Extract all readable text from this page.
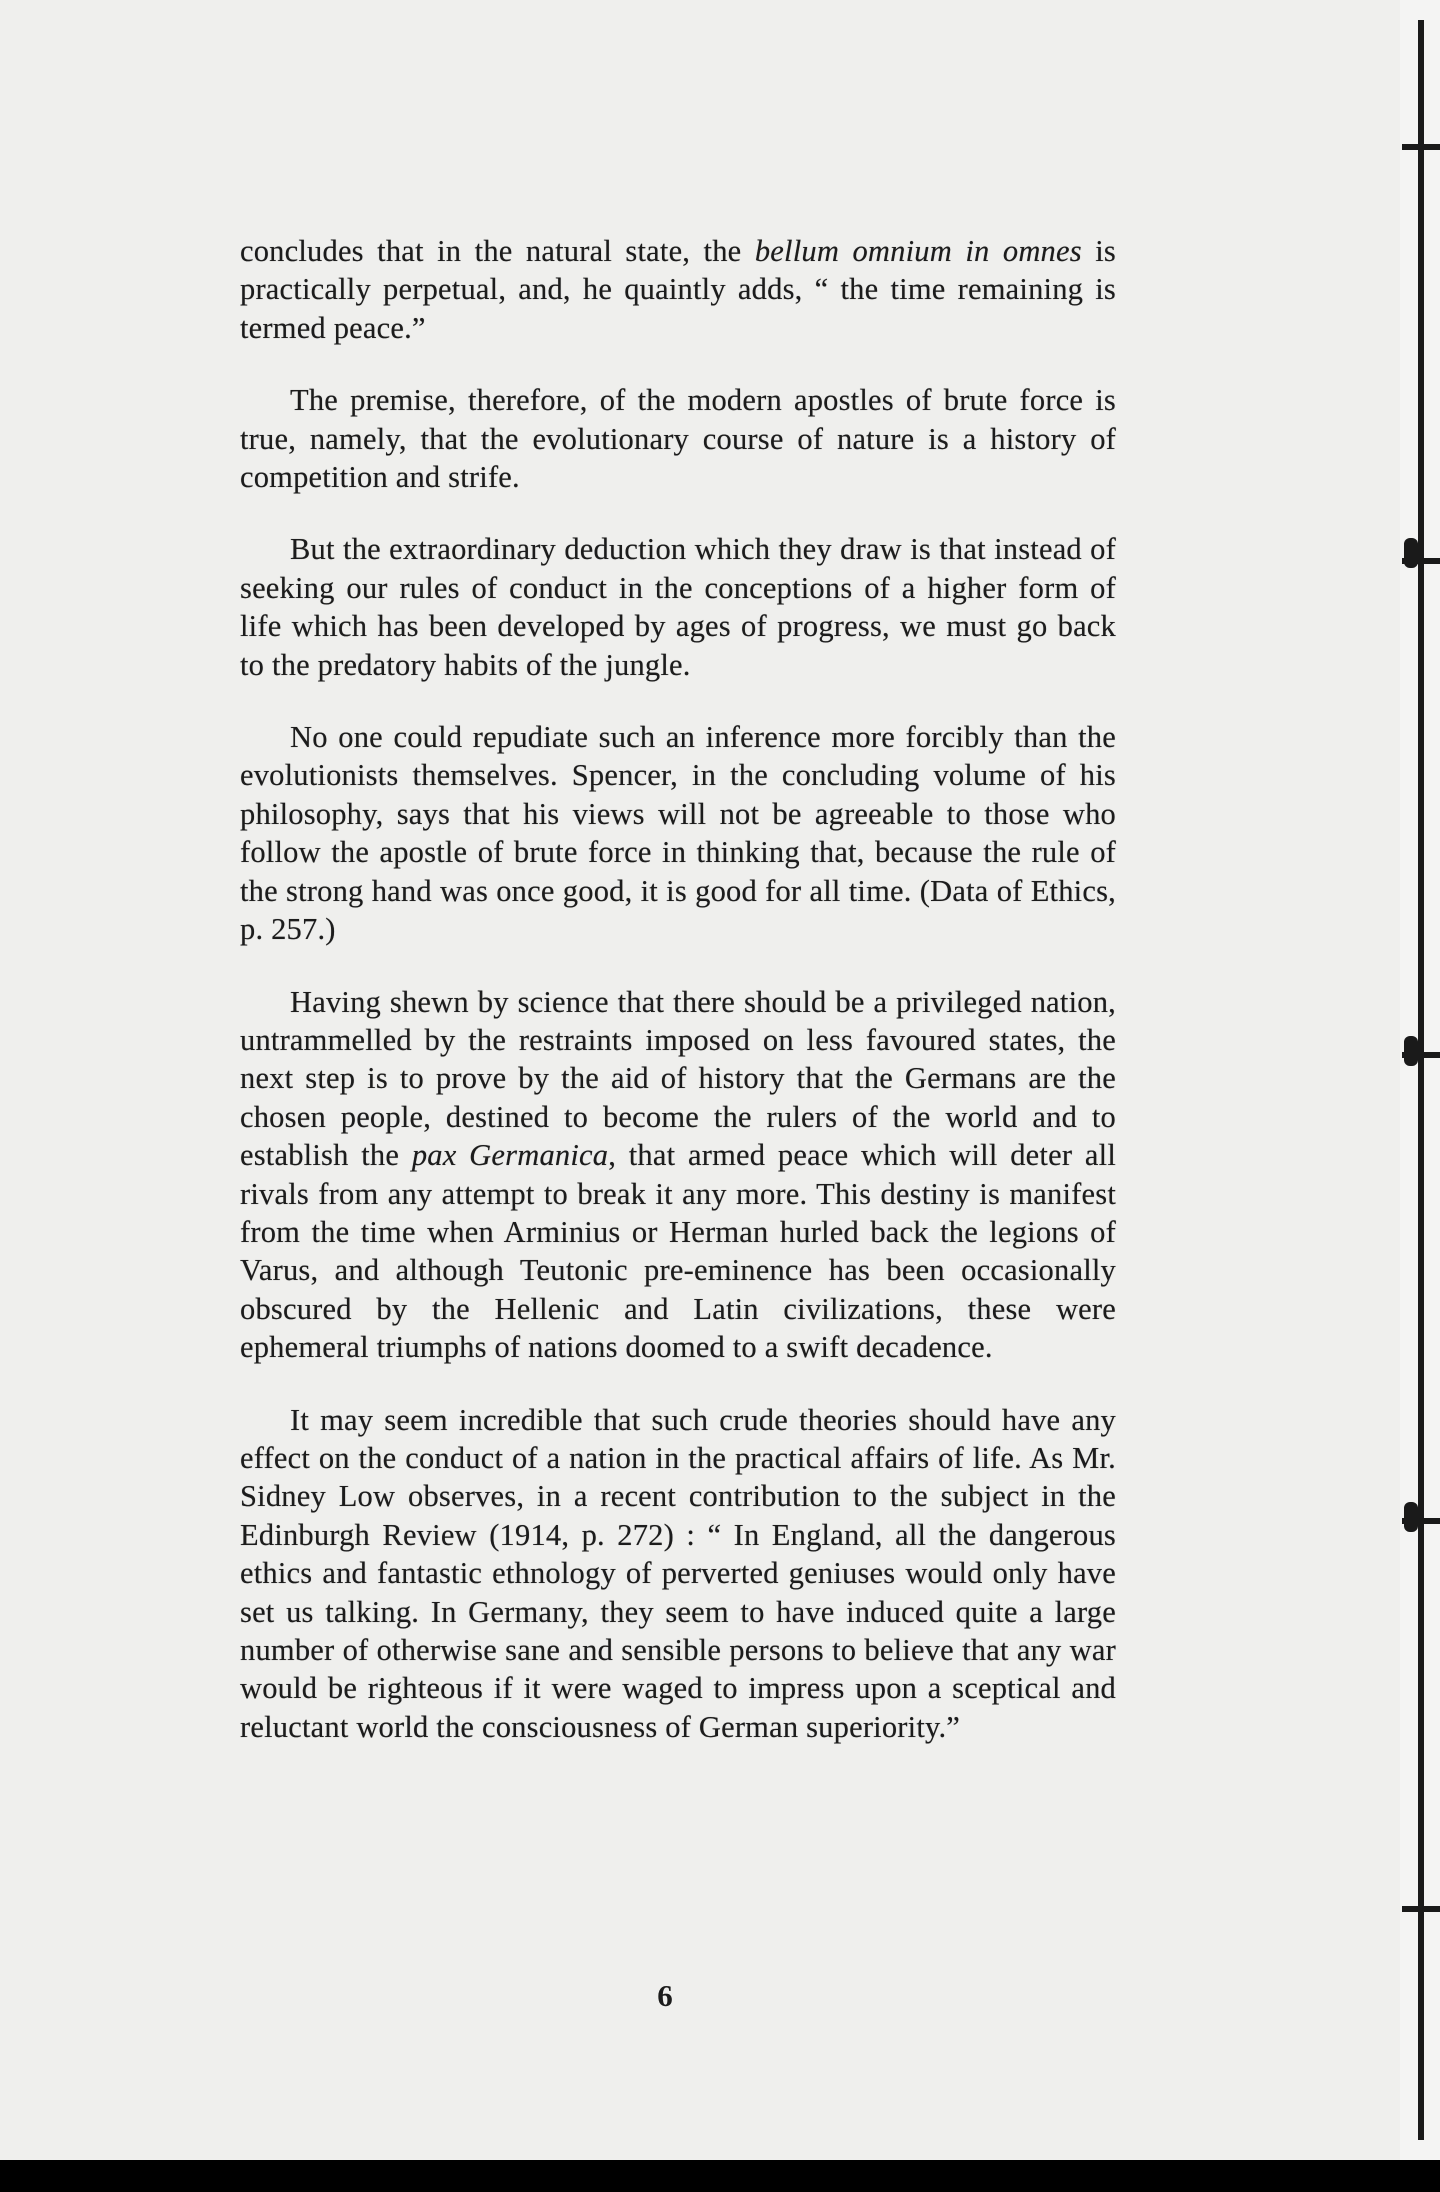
concludes that in the natural state, the bellum omnium in omnes is practically perpetual, and, he quaintly adds, “ the time remaining is termed peace.”

The premise, therefore, of the modern apostles of brute force is true, namely, that the evolutionary course of nature is a history of competition and strife.

But the extraordinary deduction which they draw is that instead of seeking our rules of conduct in the conceptions of a higher form of life which has been developed by ages of progress, we must go back to the predatory habits of the jungle.

No one could repudiate such an inference more forcibly than the evolutionists themselves. Spencer, in the concluding volume of his philosophy, says that his views will not be agreeable to those who follow the apostle of brute force in thinking that, because the rule of the strong hand was once good, it is good for all time. (Data of Ethics, p. 257.)

Having shewn by science that there should be a privileged nation, untrammelled by the restraints imposed on less favoured states, the next step is to prove by the aid of history that the Germans are the chosen people, destined to become the rulers of the world and to establish the pax Germanica, that armed peace which will deter all rivals from any attempt to break it any more. This destiny is manifest from the time when Arminius or Herman hurled back the legions of Varus, and although Teutonic pre-eminence has been occasionally obscured by the Hellenic and Latin civilizations, these were ephemeral triumphs of nations doomed to a swift decadence.

It may seem incredible that such crude theories should have any effect on the conduct of a nation in the practical affairs of life. As Mr. Sidney Low observes, in a recent contribution to the subject in the Edinburgh Review (1914, p. 272) : “ In England, all the dangerous ethics and fantastic ethnology of perverted geniuses would only have set us talking. In Germany, they seem to have induced quite a large number of otherwise sane and sensible persons to believe that any war would be righteous if it were waged to impress upon a sceptical and reluctant world the consciousness of German superiority.”

6
